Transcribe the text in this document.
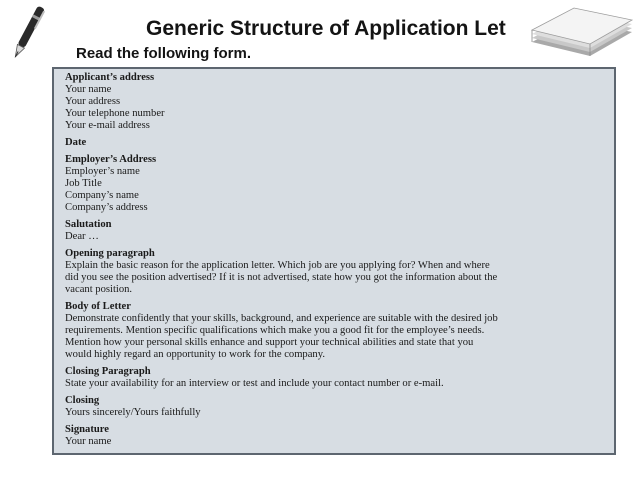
Generic Structure of Application Let

Read the following form.

Applicant’s address
Your name
Your address
Your telephone number
Your e-mail address
Date
Employer’s Address
Employer’s name
Job Title
Company’s name
Company’s address
Salutation
Dear …
Opening paragraph
Explain the basic reason for the application letter. Which job are you applying for? When and where
did you see the position advertised? If it is not advertised, state how you got the information about the
vacant position.
Body of Letter
Demonstrate confidently that your skills, background, and experience are suitable with the desired job
requirements. Mention specific qualifications which make you a good fit for the employee’s needs.
Mention how your personal skills enhance and support your technical abilities and state that you
would highly regard an opportunity to work for the company.
Closing Paragraph
State your availability for an interview or test and include your contact number or e-mail.
Closing
Yours sincerely/Yours faithfully
Signature
Your name
